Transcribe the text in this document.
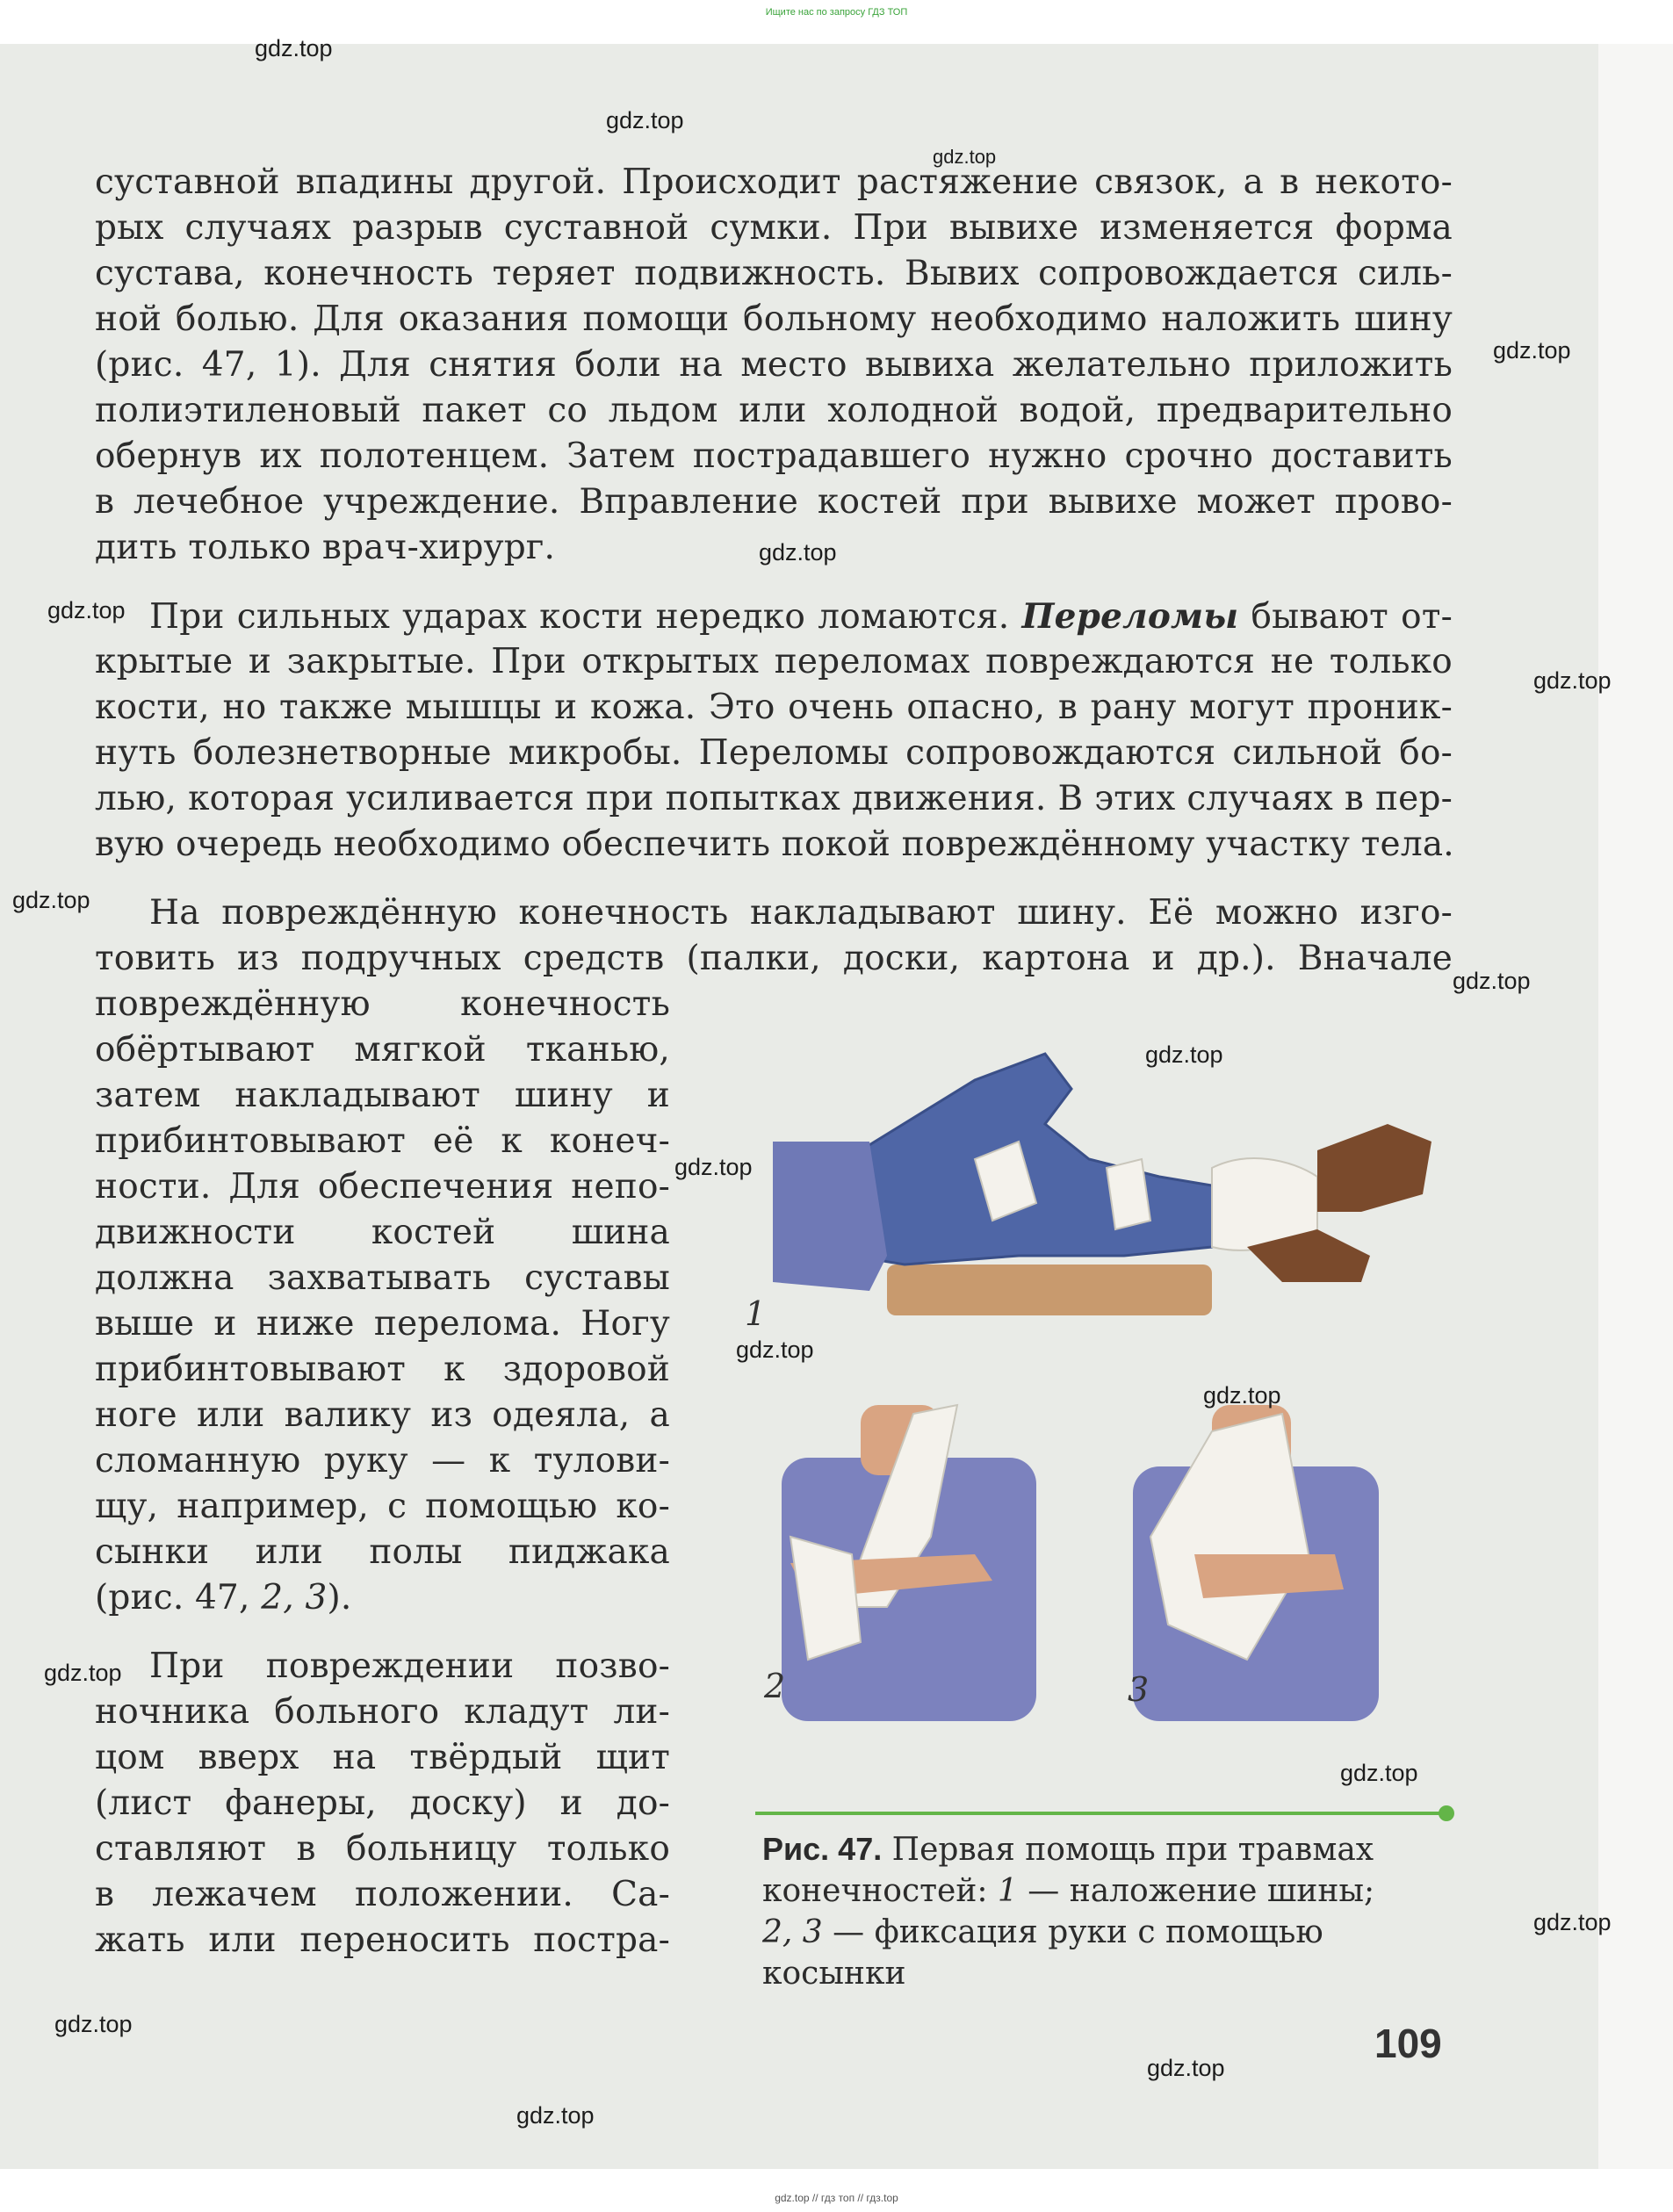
Ищите нас по запросу ГДЗ ТОП
суставной впадины другой. Происходит растяжение связок, а в некото-
рых случаях разрыв суставной сумки. При вывихе изменяется форма
сустава, конечность теряет подвижность. Вывих сопровождается силь-
ной болью. Для оказания помощи больному необходимо наложить шину
(рис. 47, 1). Для снятия боли на место вывиха желательно приложить
полиэтиленовый пакет со льдом или холодной водой, предварительно
обернув их полотенцем. Затем пострадавшего нужно срочно доставить
в лечебное учреждение. Вправление костей при вывихе может прово-
дить только врач-хирург.
При сильных ударах кости нередко ломаются. Переломы бывают от-
крытые и закрытые. При открытых переломах повреждаются не только
кости, но также мышцы и кожа. Это очень опасно, в рану могут проник-
нуть болезнетворные микробы. Переломы сопровождаются сильной бо-
лью, которая усиливается при попытках движения. В этих случаях в пер-
вую очередь необходимо обеспечить покой повреждённому участку тела.
На повреждённую конечность накладывают шину. Её можно изго-
товить из подручных средств (палки, доски, картона и др.). Вначале
повреждённую конечность
обёртывают мягкой тканью,
затем накладывают шину и
прибинтовывают её к конеч-
ности. Для обеспечения непо-
движности костей шина
должна захватывать суставы
выше и ниже перелома. Ногу
прибинтовывают к здоровой
ноге или валику из одеяла, а
сломанную руку — к тулови-
щу, например, с помощью ко-
сынки или полы пиджака
(рис. 47, 2, 3).
При повреждении позво-
ночника больного кладут ли-
цом вверх на твёрдый щит
(лист фанеры, доску) и до-
ставляют в больницу только
в лежачем положении. Са-
жать или переносить постра-
1
2	3
Рис. 47. Первая помощь при травмах
конечностей: 1 — наложение шины;
2, 3 — фиксация руки с помощью
косынки
109
gdz.top
gdz.top
gdz.top
gdz.top
gdz.top
gdz.top
gdz.top
gdz.top
gdz.top
gdz.top
gdz.top
gdz.top
gdz.top
gdz.top
gdz.top
gdz.top
gdz.top
gdz.top
gdz.top
gdz.top // гдз топ // гдз.top
